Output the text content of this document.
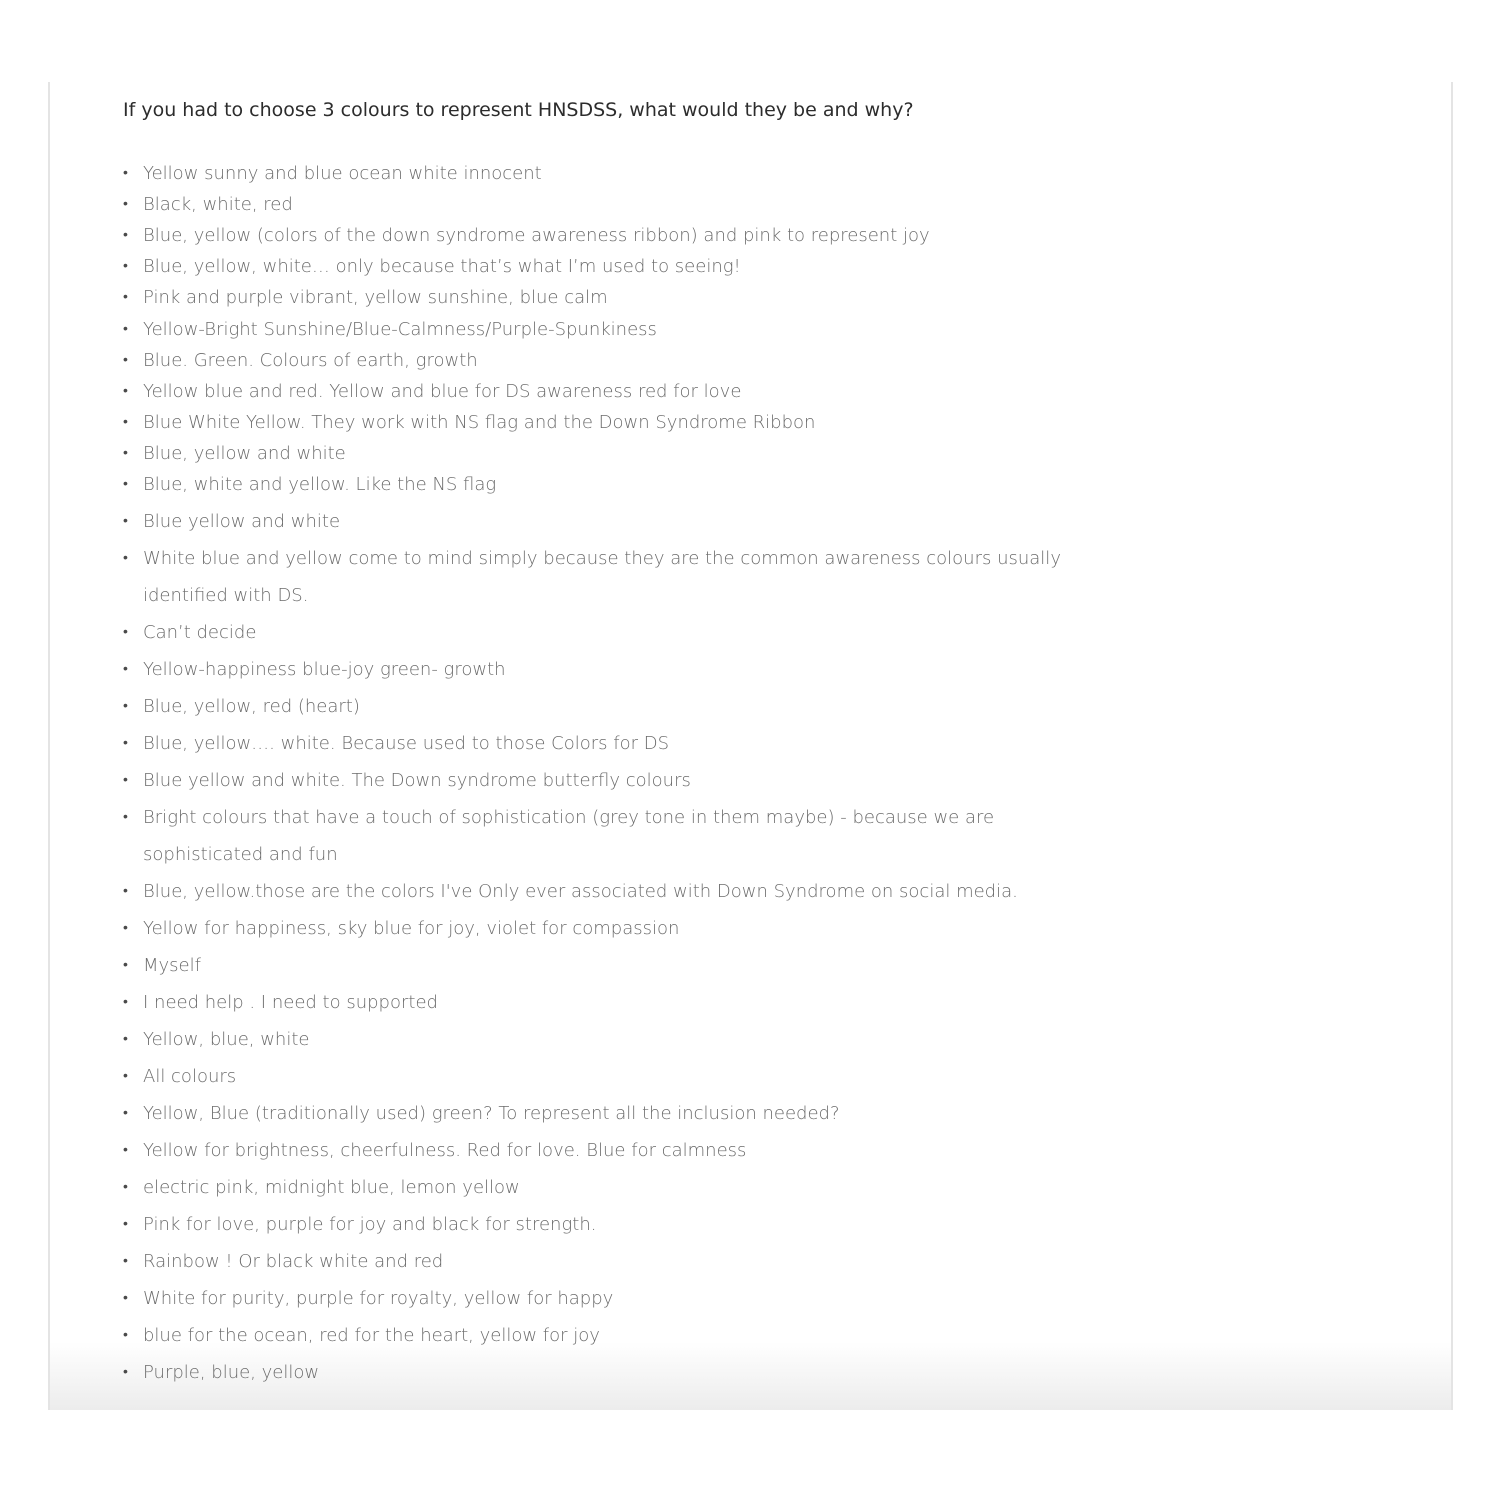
If you had to choose 3 colours to represent HNSDSS, what would they be and why?
• Yellow sunny and blue ocean white innocent
• Black, white, red
• Blue, yellow (colors of the down syndrome awareness ribbon) and pink to represent joy
• Blue, yellow, white… only because that’s what I’m used to seeing!
• Pink and purple vibrant, yellow sunshine, blue calm
• Yellow-Bright Sunshine/Blue-Calmness/Purple-Spunkiness
• Blue. Green. Colours of earth, growth
• Yellow blue and red. Yellow and blue for DS awareness red for love
• Blue White Yellow. They work with NS flag and the Down Syndrome Ribbon
• Blue, yellow and white
• Blue, white and yellow. Like the NS flag
• Blue yellow and white
• White blue and yellow come to mind simply because they are the common awareness colours usually
identified with DS.
• Can’t decide
• Yellow-happiness blue-joy green- growth
• Blue, yellow, red (heart)
• Blue, yellow…. white. Because used to those Colors for DS
• Blue yellow and white. The Down syndrome butterfly colours
• Bright colours that have a touch of sophistication (grey tone in them maybe) - because we are
sophisticated and fun
• Blue, yellow.those are the colors I've Only ever associated with Down Syndrome on social media.
• Yellow for happiness, sky blue for joy, violet for compassion
• Myself
• I need help . I need to supported
• Yellow, blue, white
• All colours
• Yellow, Blue (traditionally used) green? To represent all the inclusion needed?
• Yellow for brightness, cheerfulness. Red for love. Blue for calmness
• electric pink, midnight blue, lemon yellow
• Pink for love, purple for joy and black for strength.
• Rainbow ! Or black white and red
• White for purity, purple for royalty, yellow for happy
• blue for the ocean, red for the heart, yellow for joy
• Purple, blue, yellow
